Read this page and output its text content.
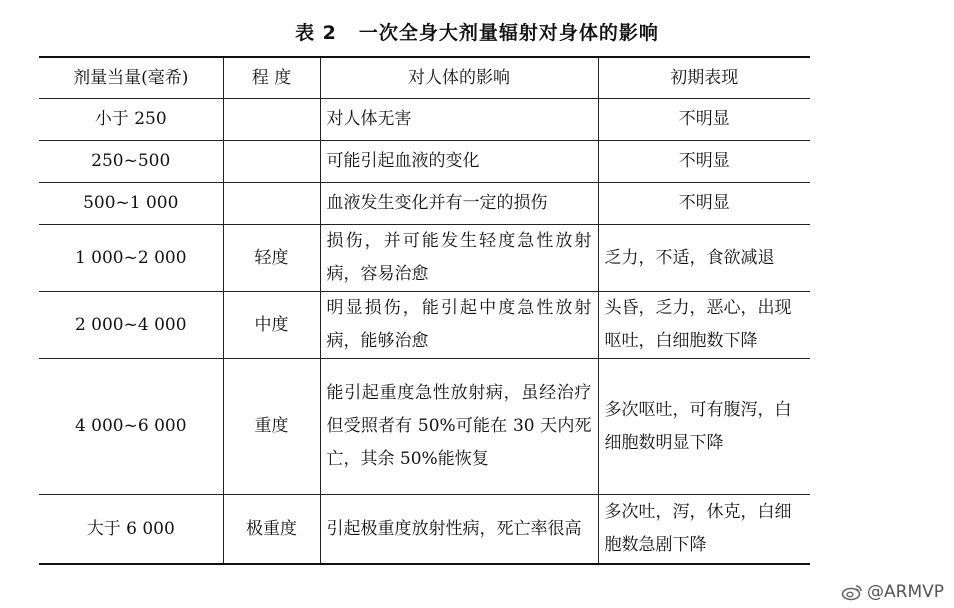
表 2 一次全身大剂量辐射对身体的影响
剂量当量(毫希)	程 度	对人体的影响	初期表现
小于 250		对人体无害	不明显
250~500		可能引起血液的变化	不明显
500~1 000		血液发生变化并有一定的损伤	不明显
1 000~2 000	轻度	损伤，并可能发生轻度急性放射病，容易治愈	乏力，不适，食欲减退
2 000~4 000	中度	明显损伤，能引起中度急性放射病，能够治愈	头昏，乏力，恶心，出现呕吐，白细胞数下降
4 000~6 000	重度	能引起重度急性放射病，虽经治疗但受照者有 50%可能在 30 天内死亡，其余 50%能恢复	多次呕吐，可有腹泻，白细胞数明显下降
大于 6 000	极重度	引起极重度放射性病，死亡率很高	多次吐，泻，休克，白细胞数急剧下降
@ARMVP
